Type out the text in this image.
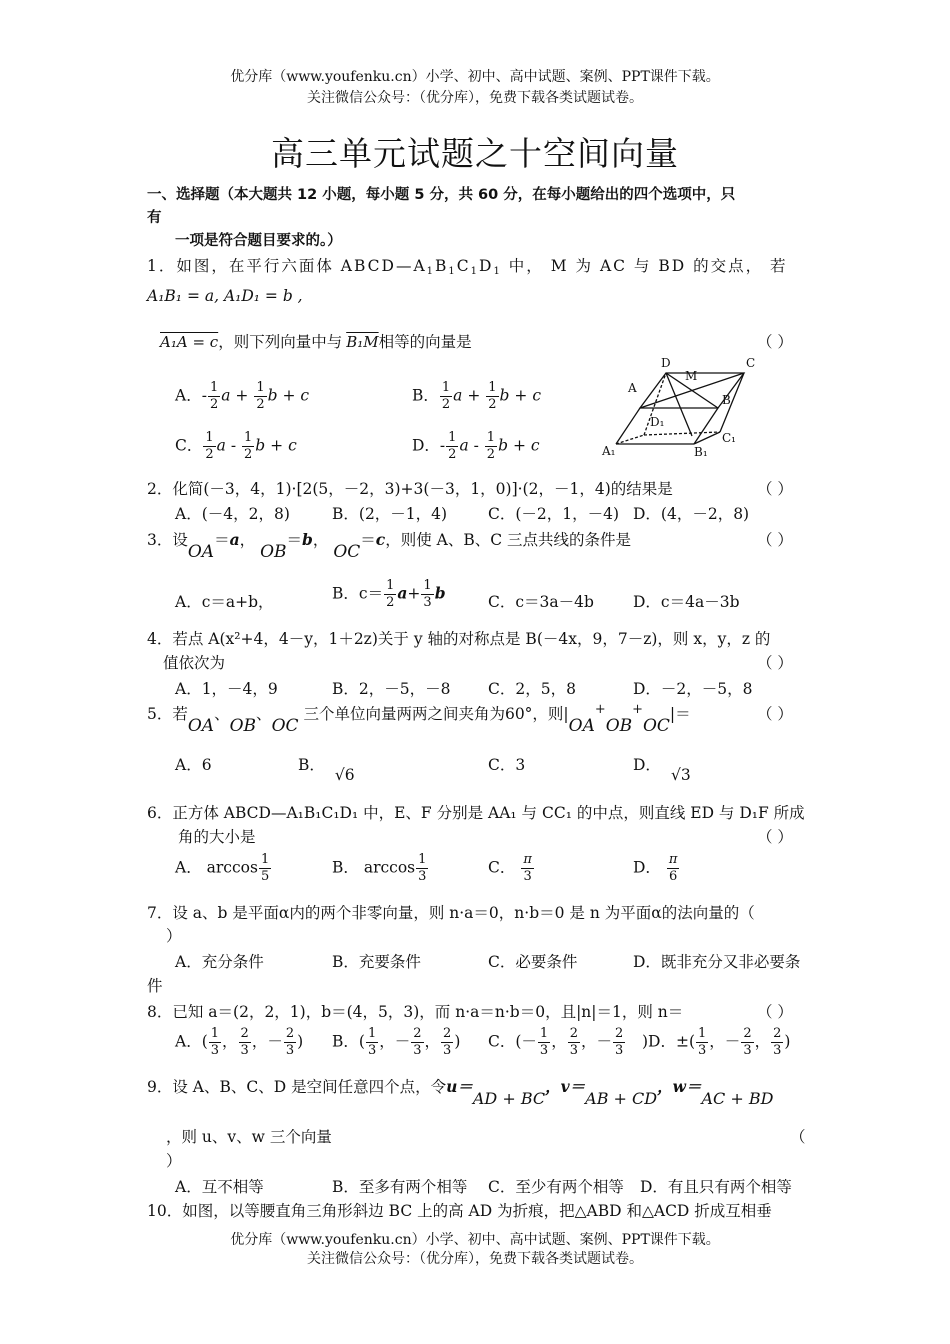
优分库（www.youfenku.cn）小学、初中、高中试题、案例、PPT课件下载。
关注微信公众号：（优分库），免费下载各类试题试卷。
高三单元试题之十空间向量
一、选择题（本大题共 12 小题，每小题 5 分，共 60 分，在每小题给出的四个选项中，只
有
一项是符合题目要求的。）
1．如图，在平行六面体 $ABCD—A_1B_1C_1D_1$ 中， M 为 AC 与 BD 的交点， 若
A₁B₁ = a, A₁D₁ = b ,
A₁A = c，则下列向量中与 B₁M相等的向量是	（ ）
A．- $\frac{1}{2}$ $a + \frac{1}{2}$ b + c	B． $\frac{1}{2}$ $a + \frac{1}{2}$ b + c
C． $\frac{1}{2}$ a - $\frac{1}{2}$ b + c	D．- $\frac{1}{2}$ a - $\frac{1}{2}$ b + c
D
M
C
A
B
D₁
C₁
A₁	B₁
2．化简(－3，4，1)·[2(5，－2，3)+3(－3，1，0)]·(2，－1，4)的结果是	（ ）
A．(－4，2，8)	B．(2，－1，4)	C．(－2，1，－4) D．(4，－2，8)
3．设OA＝a， OB＝b， OC＝c，则使 A、B、C 三点共线的条件是	（ ）
A．c＝a+b，	B．$c= \frac{1}{2} a+ \frac{1}{3}$ b	C．c＝3a－4b	D．c＝4a－3b
4．若点 A(x²+4，4－y，1＋2z)关于 y 轴的对称点是 B(－4x，9，7－z)，则 x，y，z 的
值依次为	（ ）
A．1，－4，9	B．2，－5，－8 C．2，5，8	D．－2，－5，8
5．若OA、OB、OC 三个单位向量两两之间夹角为60°，则|OA+OB+OC|＝	（ ）
A．6	B．√6
C．3	D．√3
6．正方体 ABCD—A₁B₁C₁D₁ 中，E、F 分别是 AA₁ 与 CC₁ 的中点，则直线 ED 与 D₁F 所成
角的大小是	（ ）
A． $\arccos \frac{1}{5}$	B． $\arccos \frac{1}{3}$	C． $\frac{\pi}{3}$	D． $\frac{\pi}{6}$
7．设 a、b 是平面α内的两个非零向量，则 n·a＝0，n·b＝0 是 n 为平面α的法向量的（
）
A．充分条件	B．充要条件	C．必要条件	D．既非充分又非必要条
件
8．已知 a＝(2，2，1)，b＝(4，5，3)，而 n·a＝n·b＝0，且|n|＝1，则 n＝	（ ）
A．( $\frac{1}{3}$ ， $\frac{2}{3}$ ，－ $\frac{2}{3}$ ) B．( $\frac{1}{3}$ ，－ $\frac{2}{3}$ ， $\frac{2}{3}$ ) C．(－ $\frac{1}{3}$ ， $\frac{2}{3}$ ，－ $\frac{2}{3} )D$．±( $\frac{1}{3}$ ，－ $\frac{2}{3}$ ， $\frac{2}{3}$ )
9．设 A、B、C、D 是空间任意四个点，令u＝AD + BC，v＝AB + CD，w＝AC + BD
，则 u、v、w 三个向量	（
）
A．互不相等	B．至多有两个相等 C．至少有两个相等 D．有且只有两个相等
10．如图，以等腰直角三角形斜边 BC 上的高 AD 为折痕，把△ABD 和△ACD 折成互相垂
优分库（www.youfenku.cn）小学、初中、高中试题、案例、PPT课件下载。
关注微信公众号：（优分库），免费下载各类试题试卷。
